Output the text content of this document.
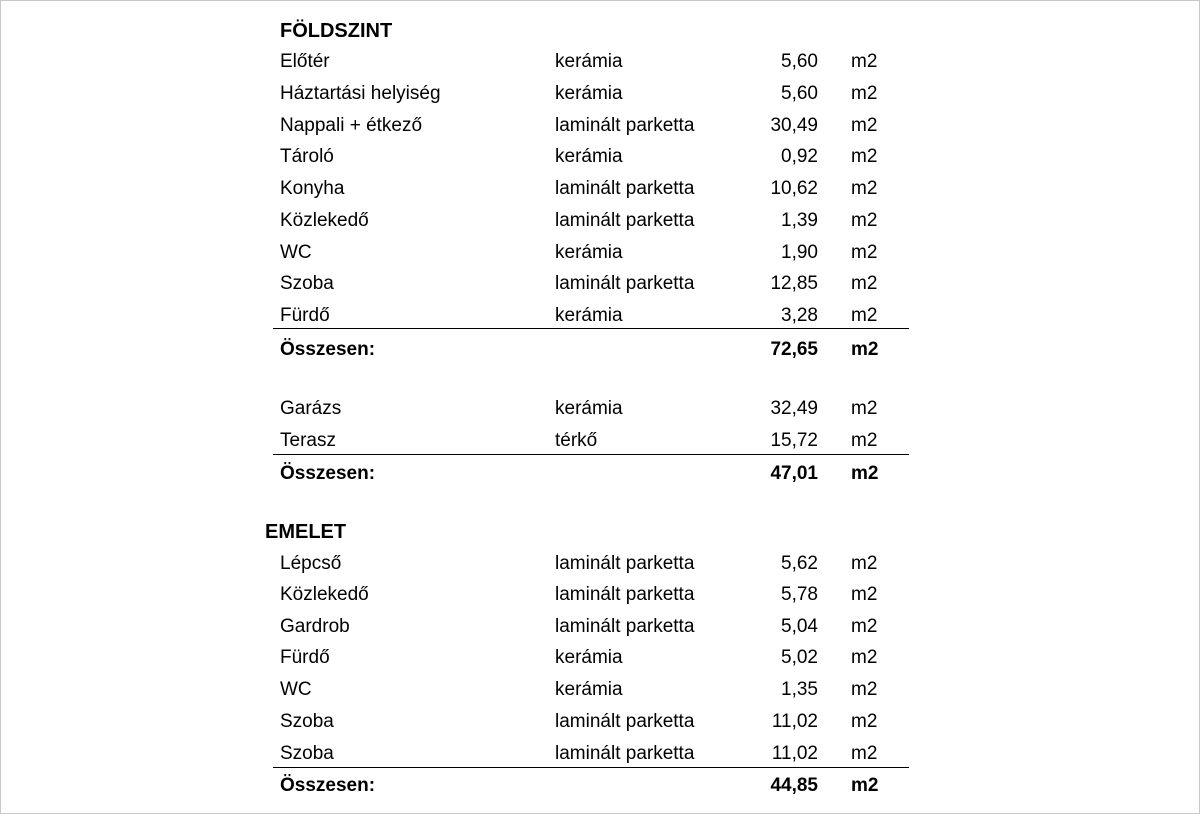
FÖLDSZINT
Előtér	kerámia	5,60 m2
Háztartási helyiség	kerámia	5,60 m2
Nappali + étkező	laminált parketta	30,49 m2
Tároló	kerámia	0,92 m2
Konyha	laminált parketta	10,62 m2
Közlekedő	laminált parketta	1,39 m2
WC	kerámia	1,90 m2
Szoba	laminált parketta	12,85 m2
Fürdő	kerámia	3,28 m2
Összesen:	72,65 m2
Garázs	kerámia	32,49 m2
Terasz	térkő	15,72 m2
Összesen:	47,01 m2
EMELET
Lépcső	laminált parketta	5,62 m2
Közlekedő	laminált parketta	5,78 m2
Gardrob	laminált parketta	5,04 m2
Fürdő	kerámia	5,02 m2
WC	kerámia	1,35 m2
Szoba	laminált parketta	11,02 m2
Szoba	laminált parketta	11,02 m2
Összesen:	44,85 m2
